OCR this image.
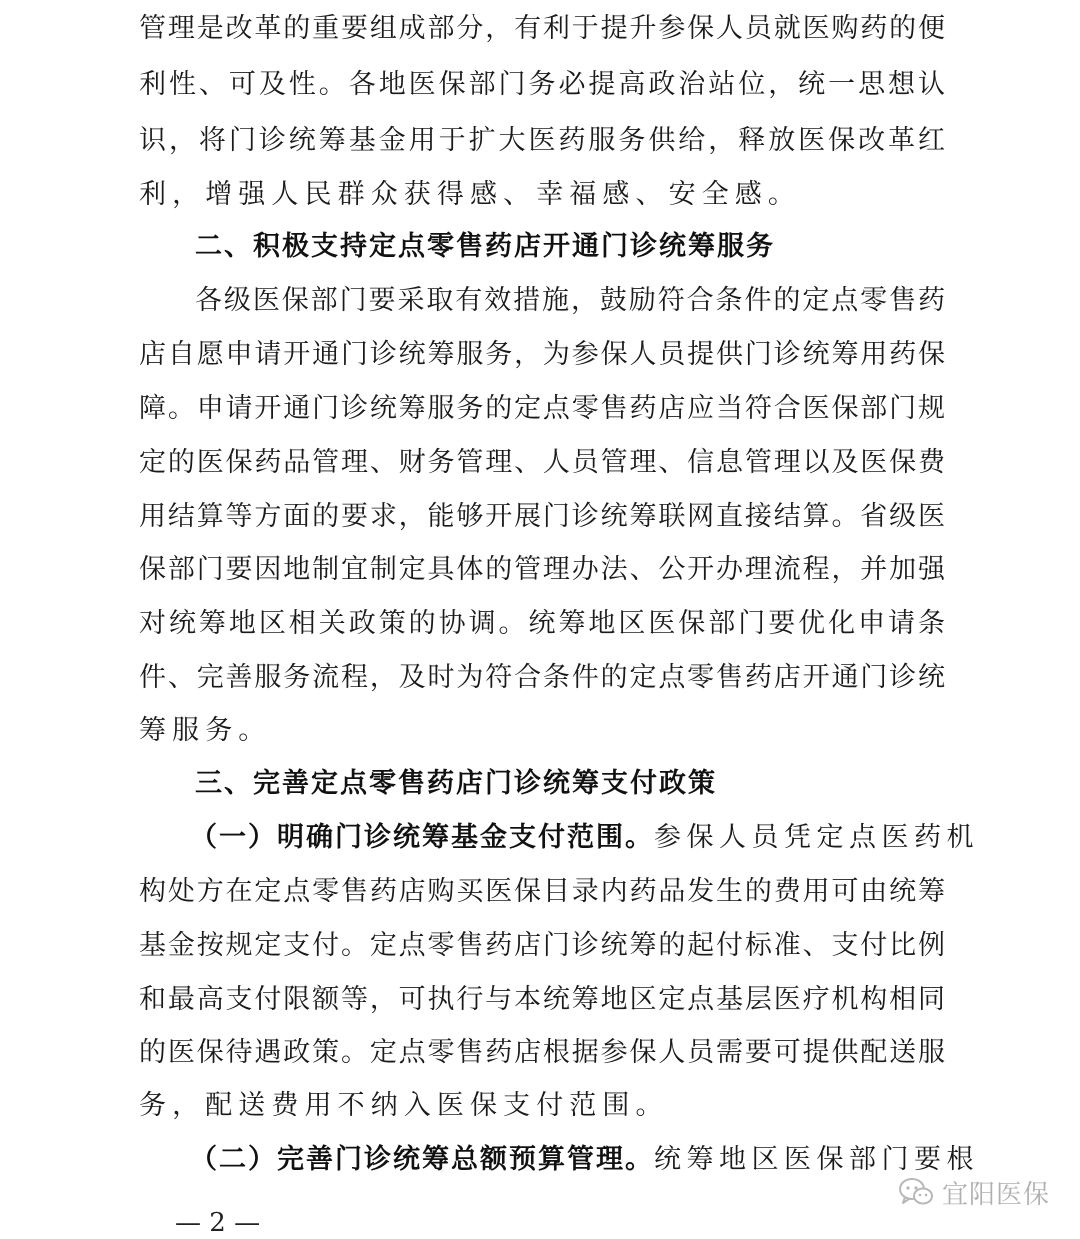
管理是改革的重要组成部分，有利于提升参保人员就医购药的便
利性、可及性。各地医保部门务必提高政治站位，统一思想认
识，将门诊统筹基金用于扩大医药服务供给，释放医保改革红
利，增强人民群众获得感、幸福感、安全感。
二、积极支持定点零售药店开通门诊统筹服务
各级医保部门要采取有效措施，鼓励符合条件的定点零售药
店自愿申请开通门诊统筹服务，为参保人员提供门诊统筹用药保
障。申请开通门诊统筹服务的定点零售药店应当符合医保部门规
定的医保药品管理、财务管理、人员管理、信息管理以及医保费
用结算等方面的要求，能够开展门诊统筹联网直接结算。省级医
保部门要因地制宜制定具体的管理办法、公开办理流程，并加强
对统筹地区相关政策的协调。统筹地区医保部门要优化申请条
件、完善服务流程，及时为符合条件的定点零售药店开通门诊统
筹服务。
三、完善定点零售药店门诊统筹支付政策
（一）明确门诊统筹基金支付范围。 参保人员凭定点医药机
构处方在定点零售药店购买医保目录内药品发生的费用可由统筹
基金按规定支付。定点零售药店门诊统筹的起付标准、支付比例
和最高支付限额等，可执行与本统筹地区定点基层医疗机构相同
的医保待遇政策。定点零售药店根据参保人员需要可提供配送服
务，配送费用不纳入医保支付范围。
（二）完善门诊统筹总额预算管理。 统筹地区医保部门要根
— 2 —
宜阳医保
